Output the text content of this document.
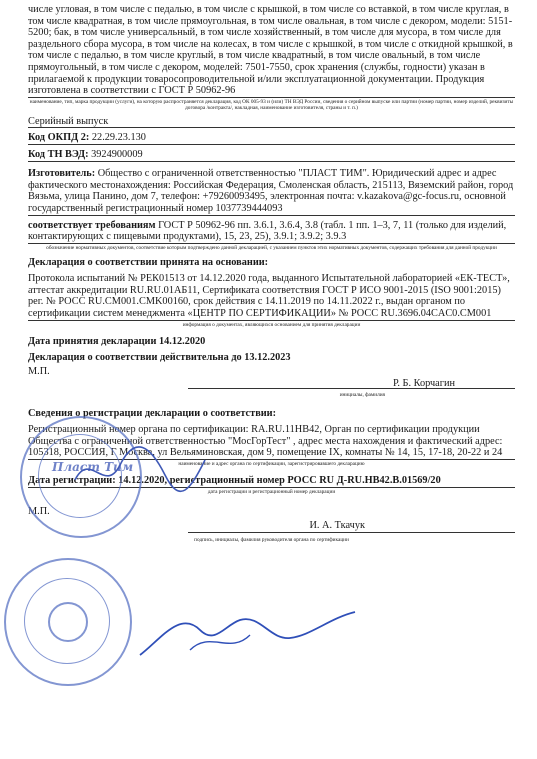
числе угловая, в том числе с педалью, в том числе с крышкой, в том числе со вставкой, в том числе круглая, в том числе квадратная, в том числе прямоугольная, в том числе овальная, в том числе с декором, модели: 5151-5200; бак, в том числе универсальный, в том числе хозяйственный, в том числе для мусора, в том числе для раздельного сбора мусора, в том числе на колесах, в том числе с крышкой, в том числе с откидной крышкой, в том числе с педалью, в том числе круглый, в том числе квадратный, в том числе овальный, в том числе прямоугольный, в том числе с декором, моделей: 7501-7550, срок хранения (службы, годности) указан в прилагаемой к продукции товаросопроводительной и/или эксплуатационной документации. Продукция изготовлена в соответствии с ГОСТ Р 50962-96

наименование, тип, марка продукции (услуги), на которую распространяется декларация, код ОК 005-93 и (или) ТН ВЭД России, сведения о серийном выпуске или партии (номер партии, номер изделий, реквизиты договора /контракта/, накладная, наименование изготовителя, страны и т. п.)

Серийный выпуск

Код ОКПД 2: 22.29.23.130

Код ТН ВЭД: 3924900009

Изготовитель: Общество с ограниченной ответственностью "ПЛАСТ ТИМ". Юридический адрес и адрес фактического местонахождения: Российская Федерация, Смоленская область, 215113, Вяземский район, город Вязьма, улица Панино, дом 7, телефон: +79260093495, электронная почта: v.kazakova@gc-focus.ru, основной государственный регистрационный номер 1037739444093

соответствует требованиям ГОСТ Р 50962-96 пп. 3.6.1, 3.6.4, 3.8 (табл. 1 пп. 1–3, 7, 11 (только для изделий, контактирующих с пищевыми продуктами), 15, 23, 25), 3.9.1; 3.9.2; 3.9.3

обозначение нормативных документов, соответствие которым подтверждено данной декларацией, с указанием пунктов этих нормативных документов, содержащих требования для данной продукции

Декларация о соответствии принята на основании:

Протокола испытаний № РЕК01513 от 14.12.2020 года, выданного Испытательной лабораторией «ЕК-ТЕСТ», аттестат аккредитации RU.RU.01АБ11, Сертификата соответствия ГОСТ Р ИСО 9001-2015 (ISO 9001:2015) рег. № РОСС RU.CM001.CMK00160, срок действия с 14.11.2019 по 14.11.2022 г., выдан органом по сертификации систем менеджмента «ЦЕНТР ПО СЕРТИФИКАЦИИ» № РОСС RU.3696.04CAC0.CM001

информация о документах, являющихся основанием для принятия декларации

Дата принятия декларации 14.12.2020

Декларация о соответствии действительна до 13.12.2023

М.П.
Р. Б. Корчагин
инициалы, фамилия

Сведения о регистрации декларации о соответствии:

Регистрационный номер органа по сертификации: RA.RU.11НВ42, Орган по сертификации продукции Общества с ограниченной ответственностью "МосГорТест" , адрес места нахождения и фактический адрес: 105318, РОССИЯ, Г Москва, ул Вельяминовская, дом 9, помещение IX, комнаты № 14, 15, 17-18, 20-22 и 24

наименование и адрес органа по сертификации, зарегистрировавшего декларацию

Дата регистрации: 14.12.2020, регистрационный номер РОСС RU Д-RU.НВ42.В.01569/20

дата регистрации и регистрационный номер декларации

М.П.
И. А. Ткачук

подпись, инициалы, фамилия руководителя органа по сертификации

Пласт Тим
